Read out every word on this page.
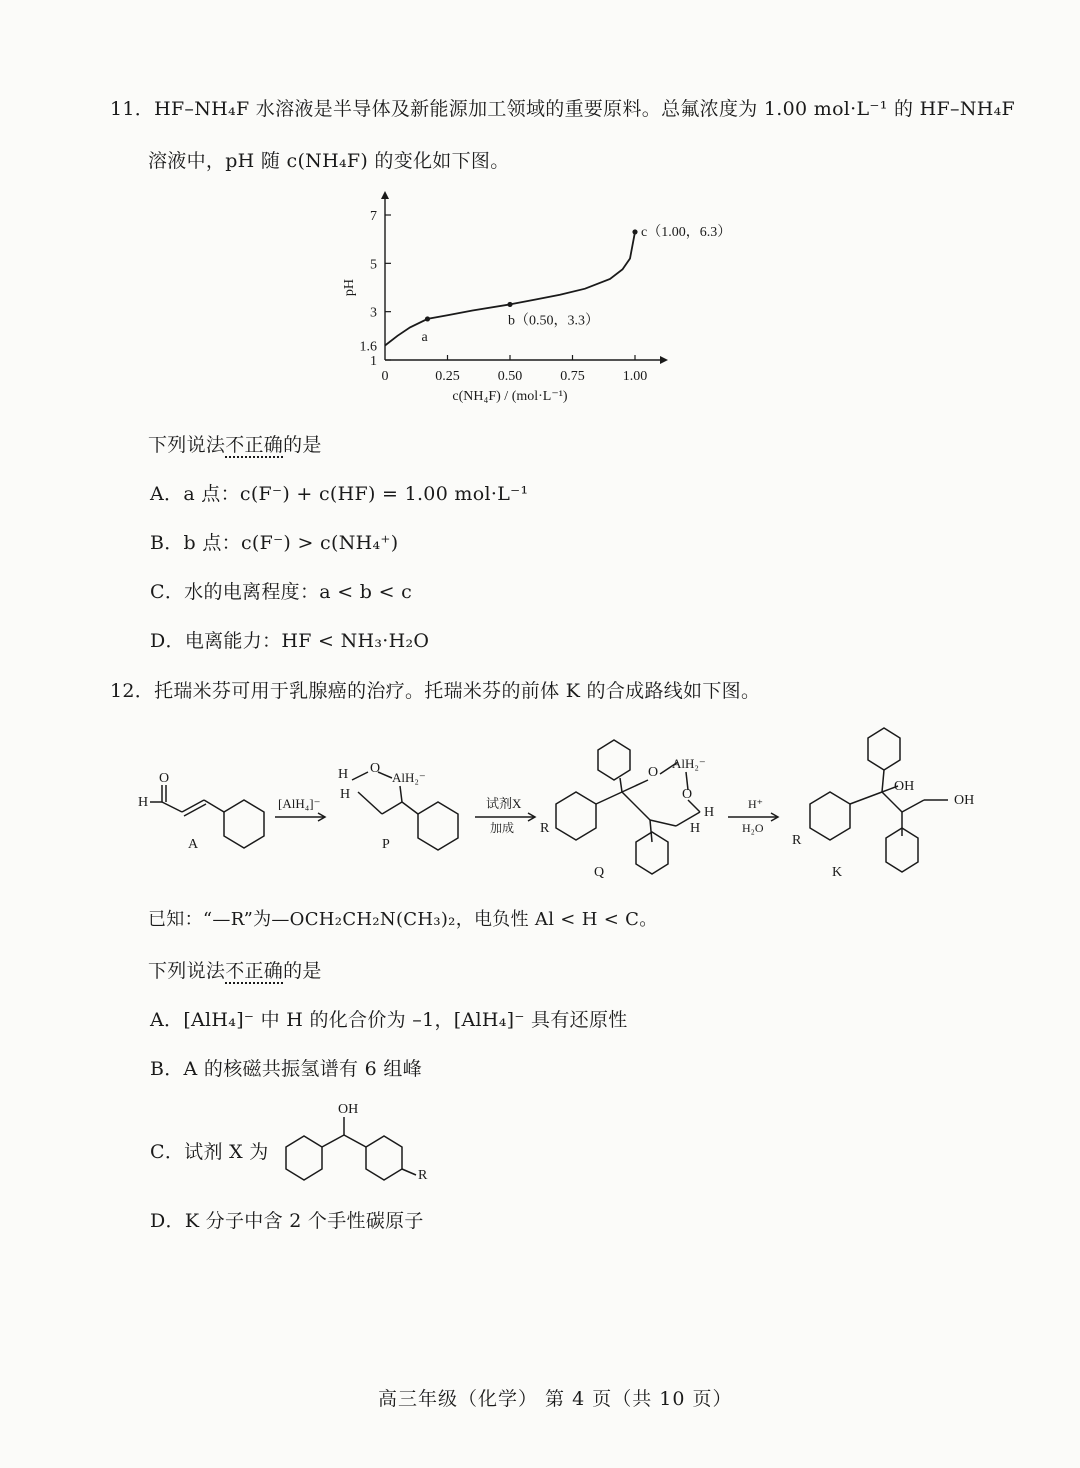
11．HF–NH₄F 水溶液是半导体及新能源加工领域的重要原料。总氟浓度为 1.00 mol·L⁻¹ 的 HF–NH₄F
溶液中，pH 随 c(NH₄F) 的变化如下图。
0	0.25	0.50	0.75	1.00
1
1.6
3
5
7
c(NH₄F) / (mol·L⁻¹)
pH
a
b（0.50，3.3）
c（1.00，6.3）
下列说法不正确的是
A．a 点：c(F⁻) + c(HF) = 1.00 mol·L⁻¹
B．b 点：c(F⁻) > c(NH₄⁺)
C．水的电离程度：a < b < c
D．电离能力：HF < NH₃·H₂O
12．托瑞米芬可用于乳腺癌的治疗。托瑞米芬的前体 K 的合成路线如下图。
H
O
A
[AlH₄]⁻
H
H
O
AlH₂⁻
P
试剂X
加成 R
O
AlH₂⁻
O
H
H
Q
H⁺
H₂O
R
OH
OH
K
已知：“—R”为—OCH₂CH₂N(CH₃)₂，电负性 Al < H < C。
下列说法不正确的是
A．[AlH₄]⁻ 中 H 的化合价为 –1，[AlH₄]⁻ 具有还原性
B．A 的核磁共振氢谱有 6 组峰
C．试剂 X 为
OH
R
D．K 分子中含 2 个手性碳原子
高三年级（化学） 第 4 页（共 10 页）
